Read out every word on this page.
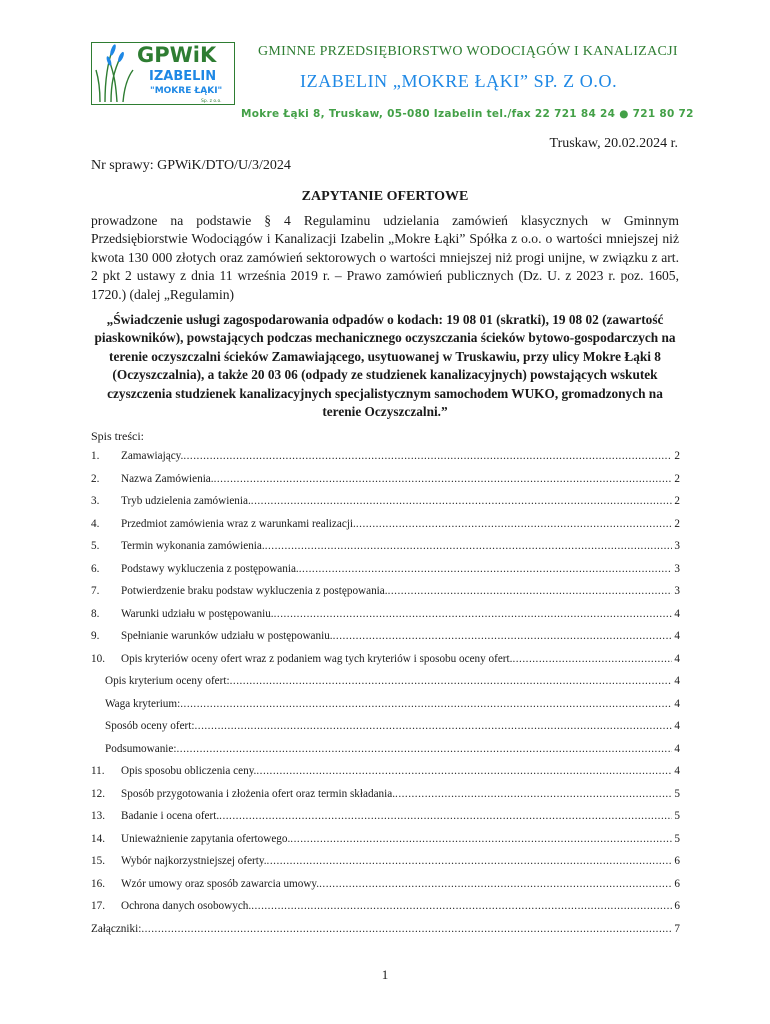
GPWiK
IZABELIN
"MOKRE ŁĄKI"
Sp. z o.o.
GMINNE PRZEDSIĘBIORSTWO WODOCIĄGÓW I KANALIZACJI
IZABELIN „MOKRE ŁĄKI” SP. Z O.O.
Mokre Łąki 8, Truskaw, 05-080 Izabelin tel./fax 22 721 84 24 ● 721 80 72
Truskaw, 20.02.2024 r.
Nr sprawy: GPWiK/DTO/U/3/2024
ZAPYTANIE OFERTOWE
prowadzone na podstawie § 4 Regulaminu udzielania zamówień klasycznych w Gminnym Przedsiębiorstwie Wodociągów i Kanalizacji Izabelin „Mokre Łąki” Spółka z o.o. o wartości mniejszej niż kwota 130 000 złotych oraz zamówień sektorowych o wartości mniejszej niż progi unijne, w związku z art. 2 pkt 2 ustawy z dnia 11 września 2019 r. – Prawo zamówień publicznych (Dz. U. z 2023 r. poz. 1605, 1720.) (dalej „Regulamin)
„Świadczenie usługi zagospodarowania odpadów o kodach: 19 08 01 (skratki), 19 08 02 (zawartość piaskowników), powstających podczas mechanicznego oczyszczania ścieków bytowo-gospodarczych na terenie oczyszczalni ścieków Zamawiającego, usytuowanej w Truskawiu, przy ulicy Mokre Łąki 8 (Oczyszczalnia), a także 20 03 06 (odpady ze studzienek kanalizacyjnych) powstających wskutek czyszczenia studzienek kanalizacyjnych specjalistycznym samochodem WUKO, gromadzonych na terenie Oczyszczalni.”
Spis treści:
1.	Zamawiający. .....	2
2.	Nazwa Zamówienia. .....	2
3.	Tryb udzielenia zamówienia. .....	2
4.	Przedmiot zamówienia wraz z warunkami realizacji. .....	2
5.	Termin wykonania zamówienia. .....	3
6.	Podstawy wykluczenia z postępowania. .....	3
7.	Potwierdzenie braku podstaw wykluczenia z postępowania. .....	3
8.	Warunki udziału w postępowaniu. .....	4
9.	Spełnianie warunków udziału w postępowaniu. .....	4
10.	Opis kryteriów oceny ofert wraz z podaniem wag tych kryteriów i sposobu oceny ofert. .....	4
Opis kryterium oceny ofert: .....	4
Waga kryterium: .....	4
Sposób oceny ofert: .....	4
Podsumowanie: .....	4
11.	Opis sposobu obliczenia ceny. .....	4
12.	Sposób przygotowania i złożenia ofert oraz termin składania. .....	5
13.	Badanie i ocena ofert. .....	5
14.	Unieważnienie zapytania ofertowego. .....	5
15.	Wybór najkorzystniejszej oferty. .....	6
16.	Wzór umowy oraz sposób zawarcia umowy. .....	6
17.	Ochrona danych osobowych. .....	6
Załączniki: .....	7
1
